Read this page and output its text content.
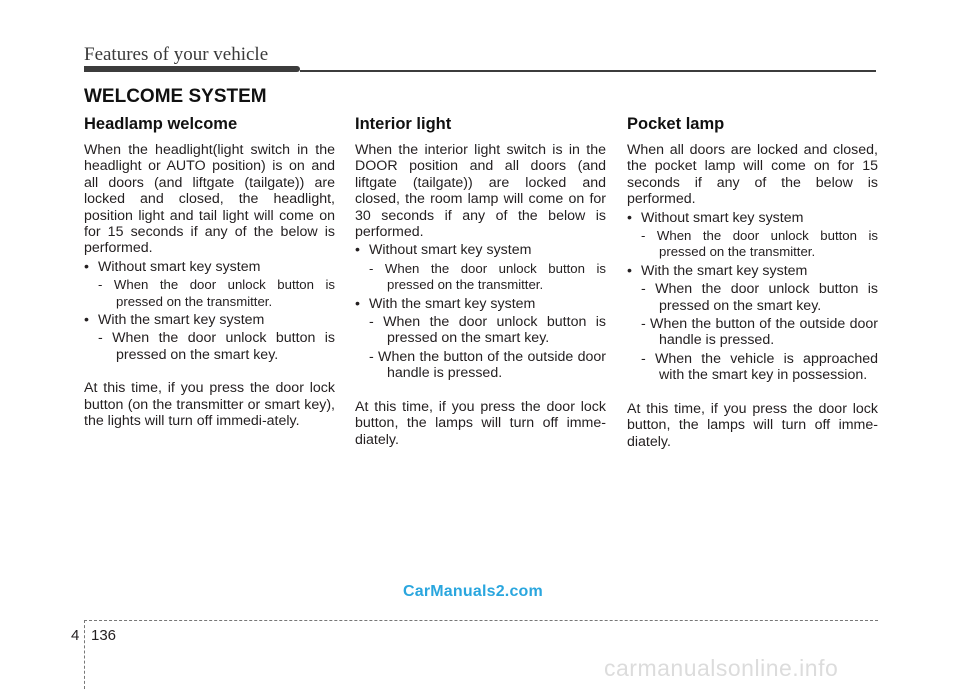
Features of your vehicle
WELCOME SYSTEM
Headlamp welcome

When the headlight(light switch in the headlight or AUTO position) is on and all doors (and liftgate (tailgate)) are locked and closed, the headlight, position light and tail light will come on for 15 seconds if any of the below is performed.

• Without smart key system

- When the door unlock button is pressed on the transmitter.

• With the smart key system

- When the door unlock button is pressed on the smart key.

At this time, if you press the door lock button (on the transmitter or smart key), the lights will turn off immedi-ately.

Interior light

When the interior light switch is in the DOOR position and all doors (and liftgate (tailgate)) are locked and closed, the room lamp will come on for 30 seconds if any of the below is performed.

• Without smart key system

- When the door unlock button is pressed on the transmitter.

• With the smart key system

- When the door unlock button is pressed on the smart key.

- When the button of the outside door handle is pressed.

At this time, if you press the door lock button, the lamps will turn off imme-diately.

Pocket lamp

When all doors are locked and closed, the pocket lamp will come on for 15 seconds if any of the below is performed.

• Without smart key system

- When the door unlock button is pressed on the transmitter.

• With the smart key system

- When the door unlock button is pressed on the smart key.

- When the button of the outside door handle is pressed.

- When the vehicle is approached with the smart key in possession.

At this time, if you press the door lock button, the lamps will turn off imme-diately.

CarManuals2.com
4 136
carmanualsonline.info
